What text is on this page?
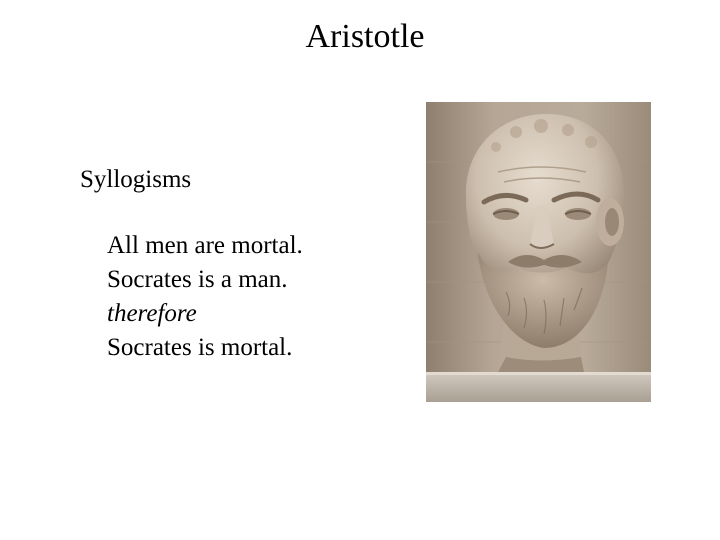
Aristotle
Syllogisms
All men are mortal.
Socrates is a man.
therefore
Socrates is mortal.
